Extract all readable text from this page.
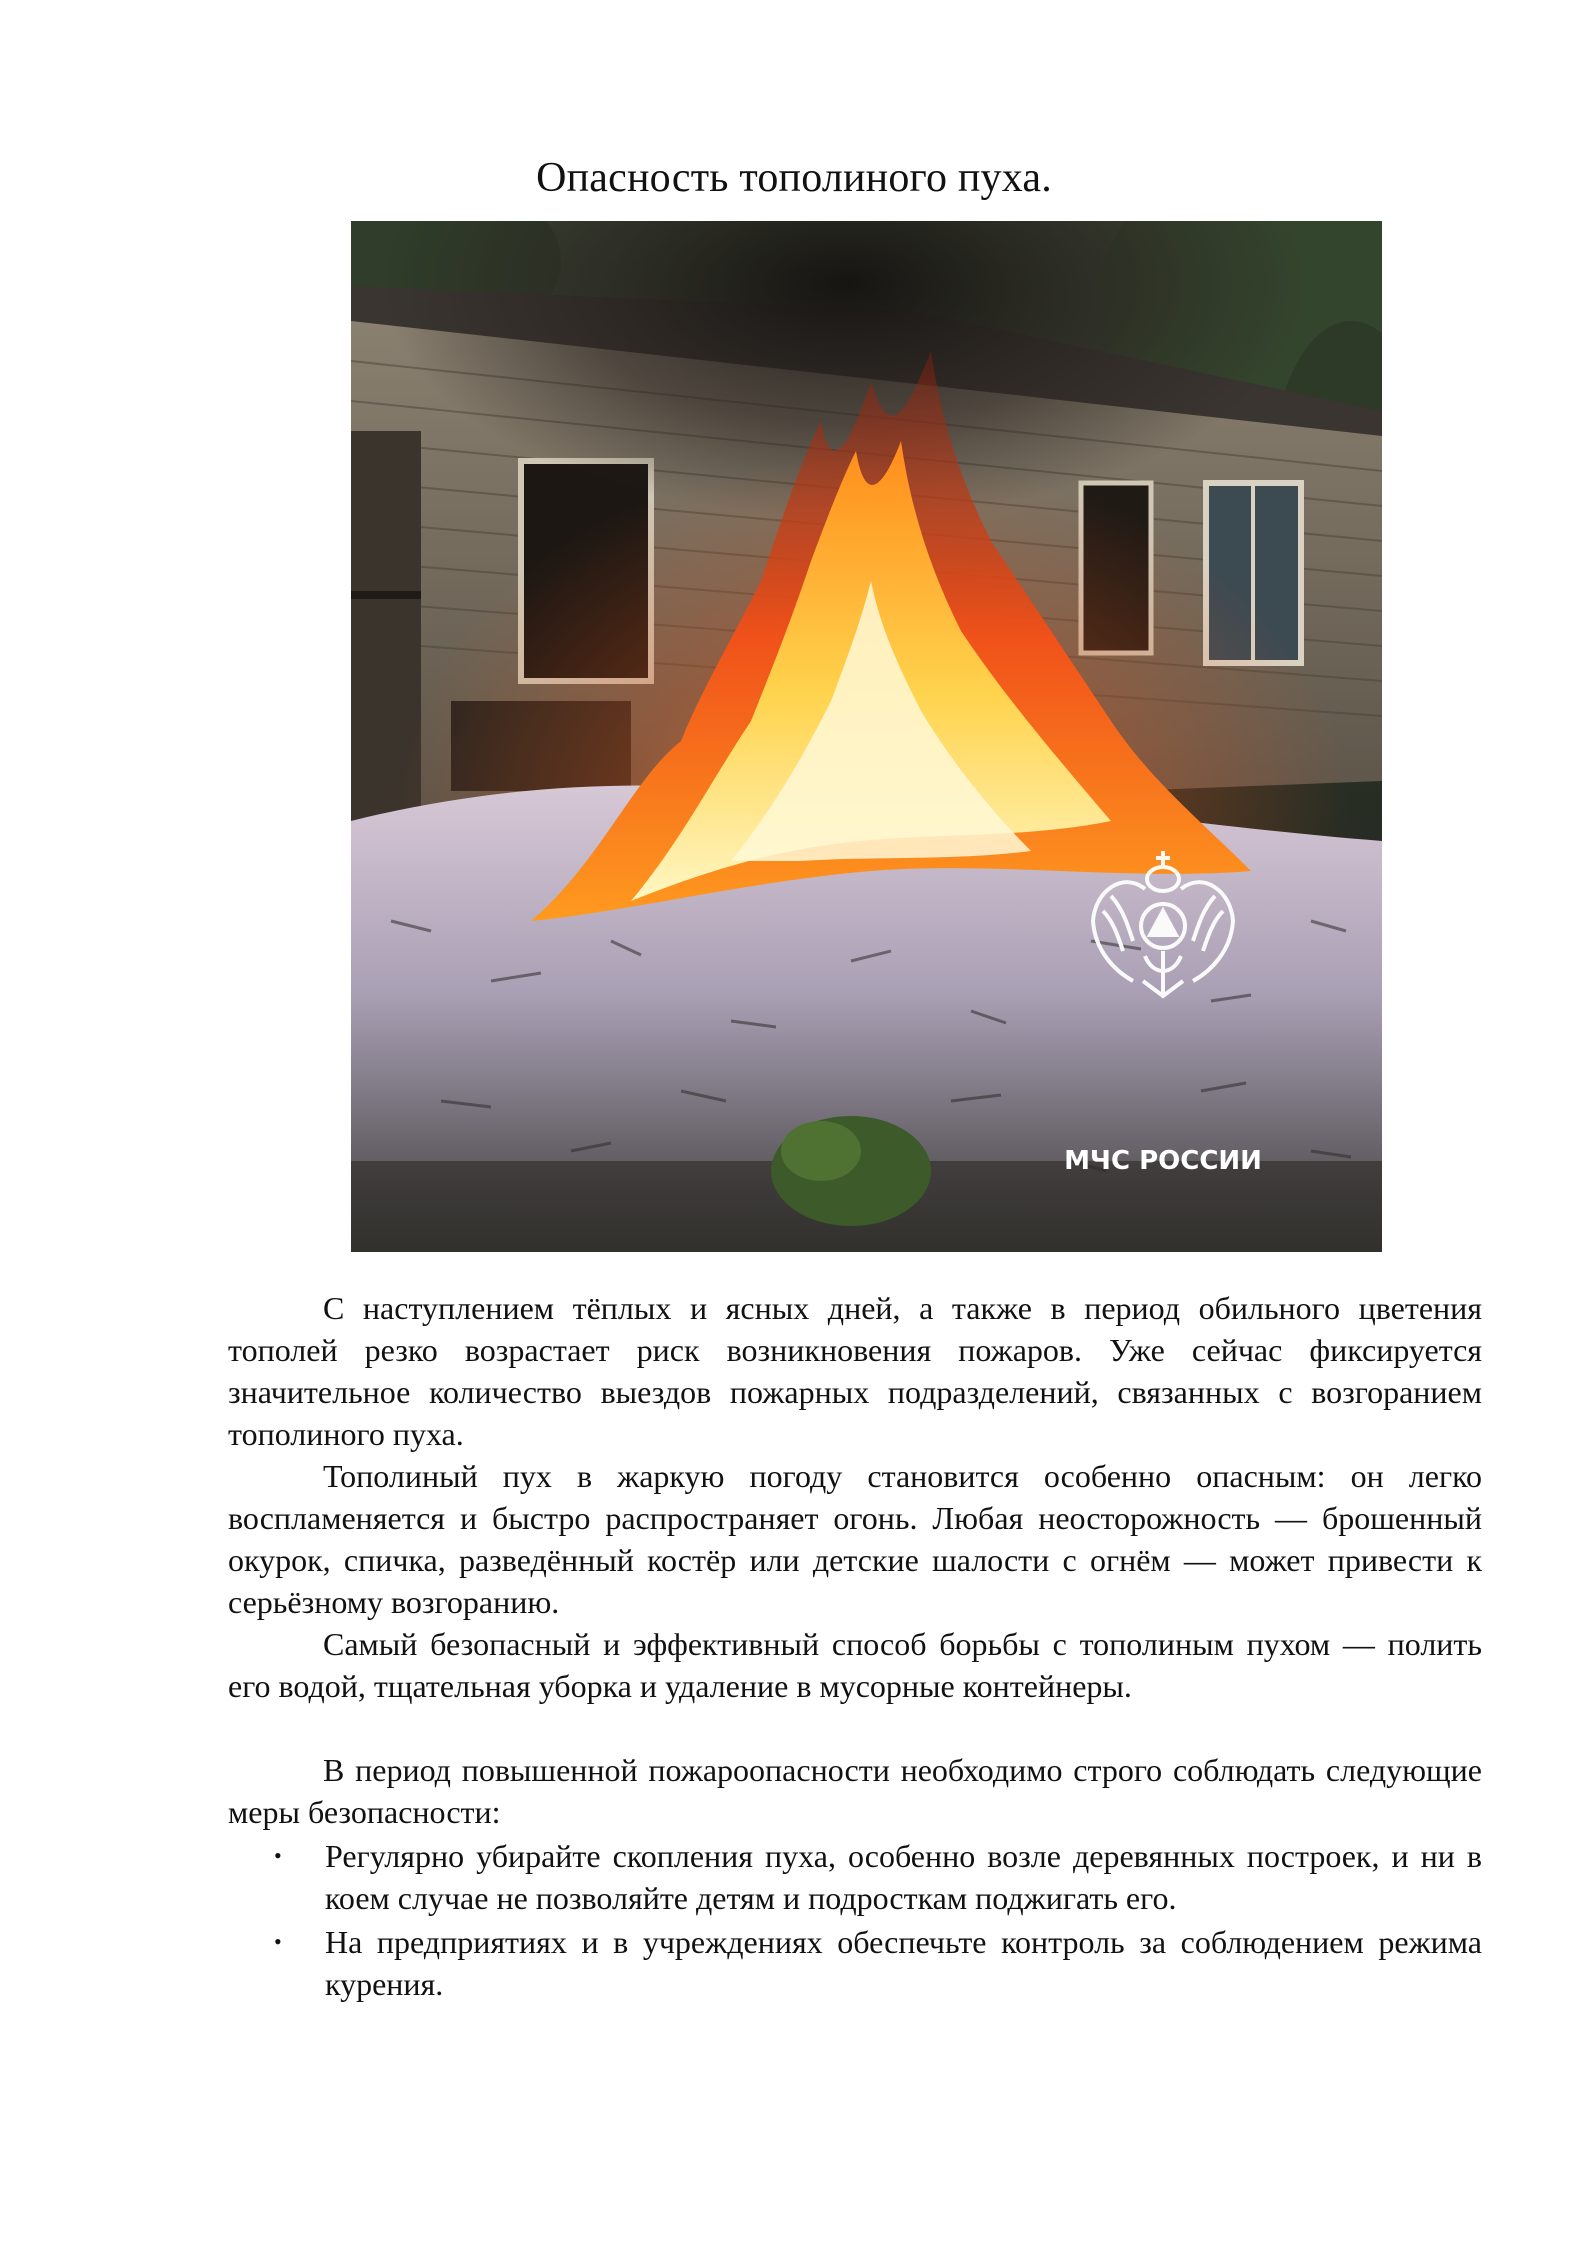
Опасность тополиного пуха.
МЧС РОССИИ

С наступлением тёплых и ясных дней, а также в период обильного цветения тополей резко возрастает риск возникновения пожаров. Уже сейчас фиксируется значительное количество выездов пожарных подразделений, связанных с возгоранием тополиного пуха.

Тополиный пух в жаркую погоду становится особенно опасным: он легко воспламеняется и быстро распространяет огонь. Любая неосторожность — брошенный окурок, спичка, разведённый костёр или детские шалости с огнём — может привести к серьёзному возгоранию.

Самый безопасный и эффективный способ борьбы с тополиным пухом — полить его водой, тщательная уборка и удаление в мусорные контейнеры.

В период повышенной пожароопасности необходимо строго соблюдать следующие меры безопасности:

• Регулярно убирайте скопления пуха, особенно возле деревянных построек, и ни в коем случае не позволяйте детям и подросткам поджигать его.
• На предприятиях и в учреждениях обеспечьте контроль за соблюдением режима курения.
